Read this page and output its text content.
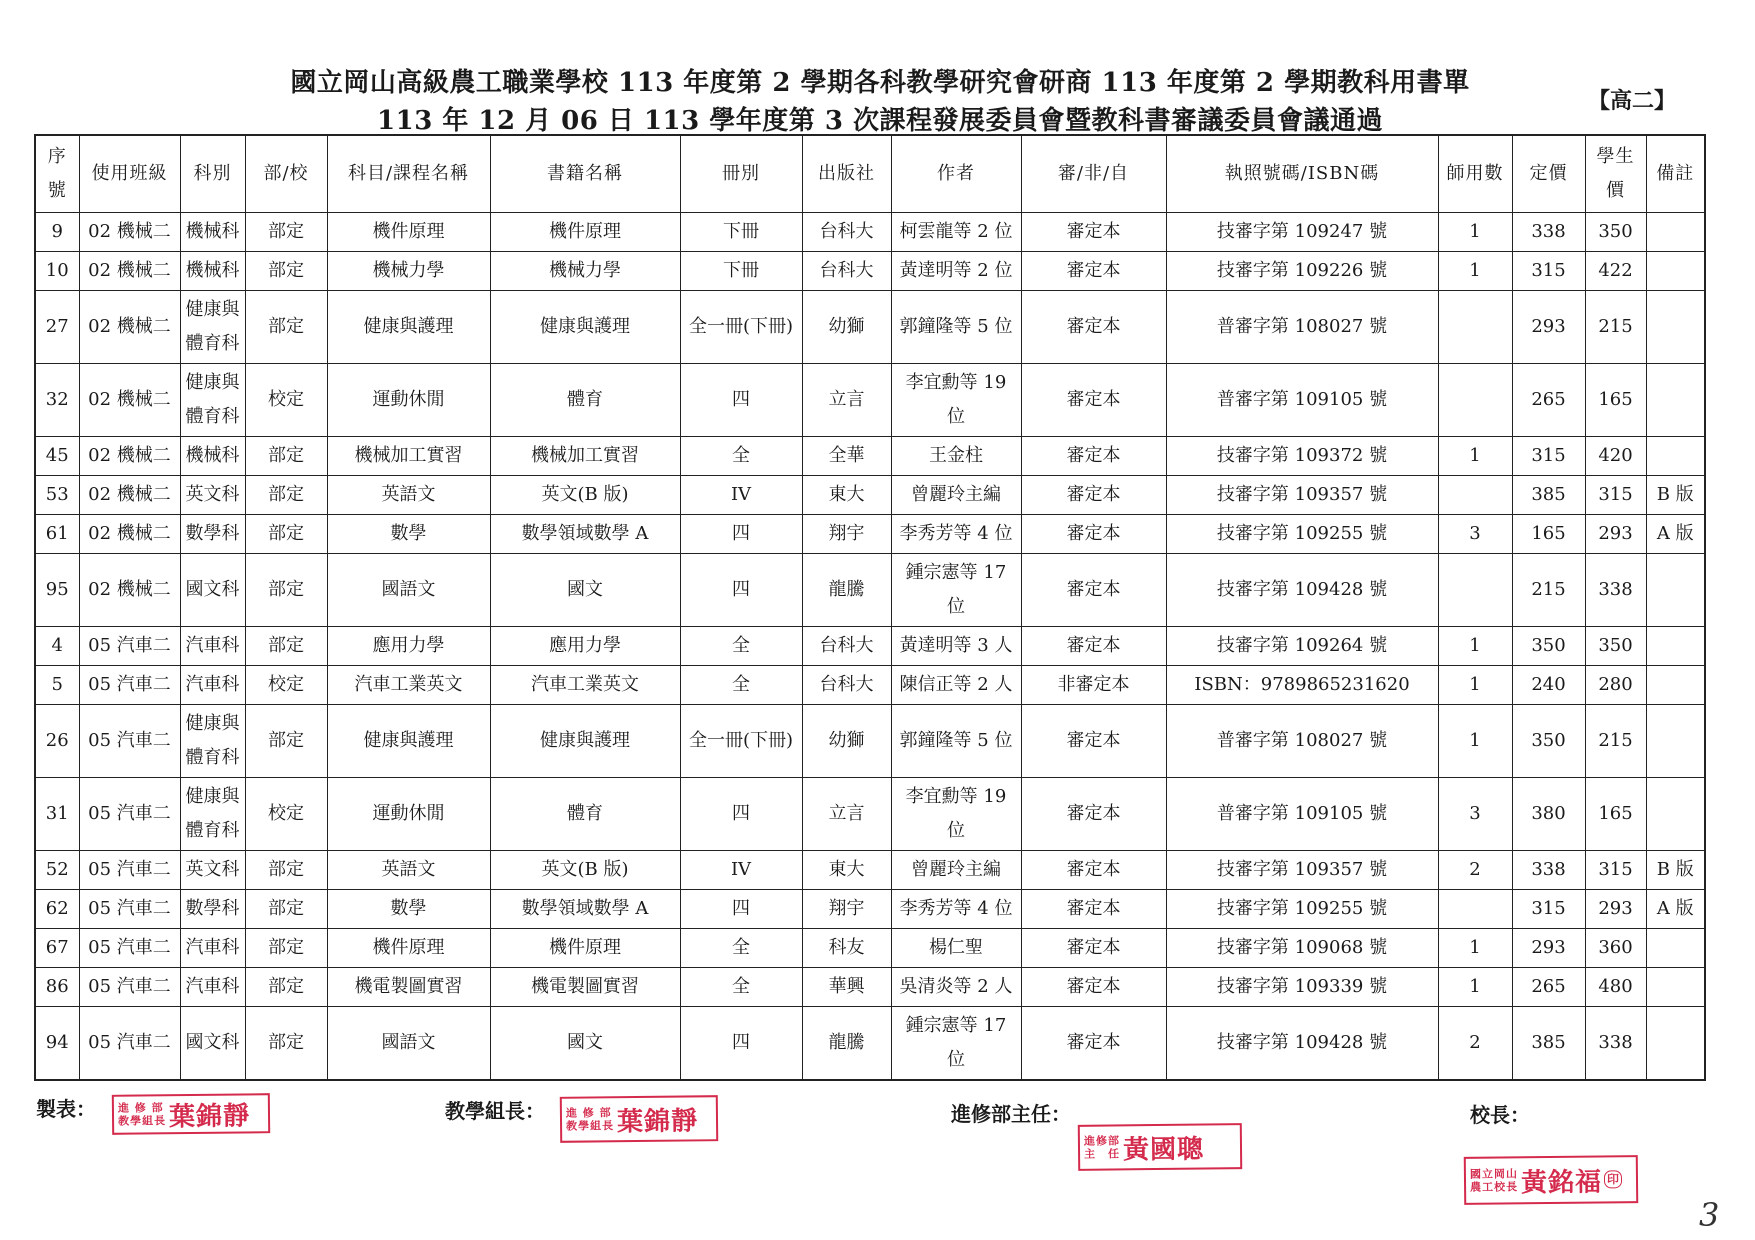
國立岡山高級農工職業學校 113 年度第 2 學期各科教學研究會研商 113 年度第 2 學期教科用書單
113 年 12 月 06 日 113 學年度第 3 次課程發展委員會暨教科書審議委員會議通過
【高二】
序號	使用班級	科別	部/校	科目/課程名稱	書籍名稱	冊別	出版社	作者	審/非/自	執照號碼/ISBN碼	師用數	定價	學生價	備註
9	02 機械二	機械科	部定	機件原理	機件原理	下冊	台科大	柯雲龍等 2 位	審定本	技審字第 109247 號	1	338	350	
10	02 機械二	機械科	部定	機械力學	機械力學	下冊	台科大	黃達明等 2 位	審定本	技審字第 109226 號	1	315	422	
27	02 機械二	健康與體育科	部定	健康與護理	健康與護理	全一冊(下冊)	幼獅	郭鐘隆等 5 位	審定本	普審字第 108027 號		293	215	
32	02 機械二	健康與體育科	校定	運動休閒	體育	四	立言	李宜勳等 19 位	審定本	普審字第 109105 號		265	165	
45	02 機械二	機械科	部定	機械加工實習	機械加工實習	全	全華	王金柱	審定本	技審字第 109372 號	1	315	420	
53	02 機械二	英文科	部定	英語文	英文(B 版)	IV	東大	曾麗玲主編	審定本	技審字第 109357 號		385	315	B 版
61	02 機械二	數學科	部定	數學	數學領域數學 A	四	翔宇	李秀芳等 4 位	審定本	技審字第 109255 號	3	165	293	A 版
95	02 機械二	國文科	部定	國語文	國文	四	龍騰	鍾宗憲等 17 位	審定本	技審字第 109428 號		215	338	
4	05 汽車二	汽車科	部定	應用力學	應用力學	全	台科大	黃達明等 3 人	審定本	技審字第 109264 號	1	350	350	
5	05 汽車二	汽車科	校定	汽車工業英文	汽車工業英文	全	台科大	陳信正等 2 人	非審定本	ISBN：9789865231620	1	240	280	
26	05 汽車二	健康與體育科	部定	健康與護理	健康與護理	全一冊(下冊)	幼獅	郭鐘隆等 5 位	審定本	普審字第 108027 號	1	350	215	
31	05 汽車二	健康與體育科	校定	運動休閒	體育	四	立言	李宜勳等 19 位	審定本	普審字第 109105 號	3	380	165	
52	05 汽車二	英文科	部定	英語文	英文(B 版)	IV	東大	曾麗玲主編	審定本	技審字第 109357 號	2	338	315	B 版
62	05 汽車二	數學科	部定	數學	數學領域數學 A	四	翔宇	李秀芳等 4 位	審定本	技審字第 109255 號		315	293	A 版
67	05 汽車二	汽車科	部定	機件原理	機件原理	全	科友	楊仁聖	審定本	技審字第 109068 號	1	293	360	
86	05 汽車二	汽車科	部定	機電製圖實習	機電製圖實習	全	華興	吳清炎等 2 人	審定本	技審字第 109339 號	1	265	480	
94	05 汽車二	國文科	部定	國語文	國文	四	龍騰	鍾宗憲等 17 位	審定本	技審字第 109428 號	2	385	338	
製表：	教學組長：	進修部主任：	校長：
進 修 部
教學組長 葉錦靜	進 修 部
教學組長 葉錦靜
進修部
主　任 黃國聰
國立岡山
農工校長 黃銘福 印
3
